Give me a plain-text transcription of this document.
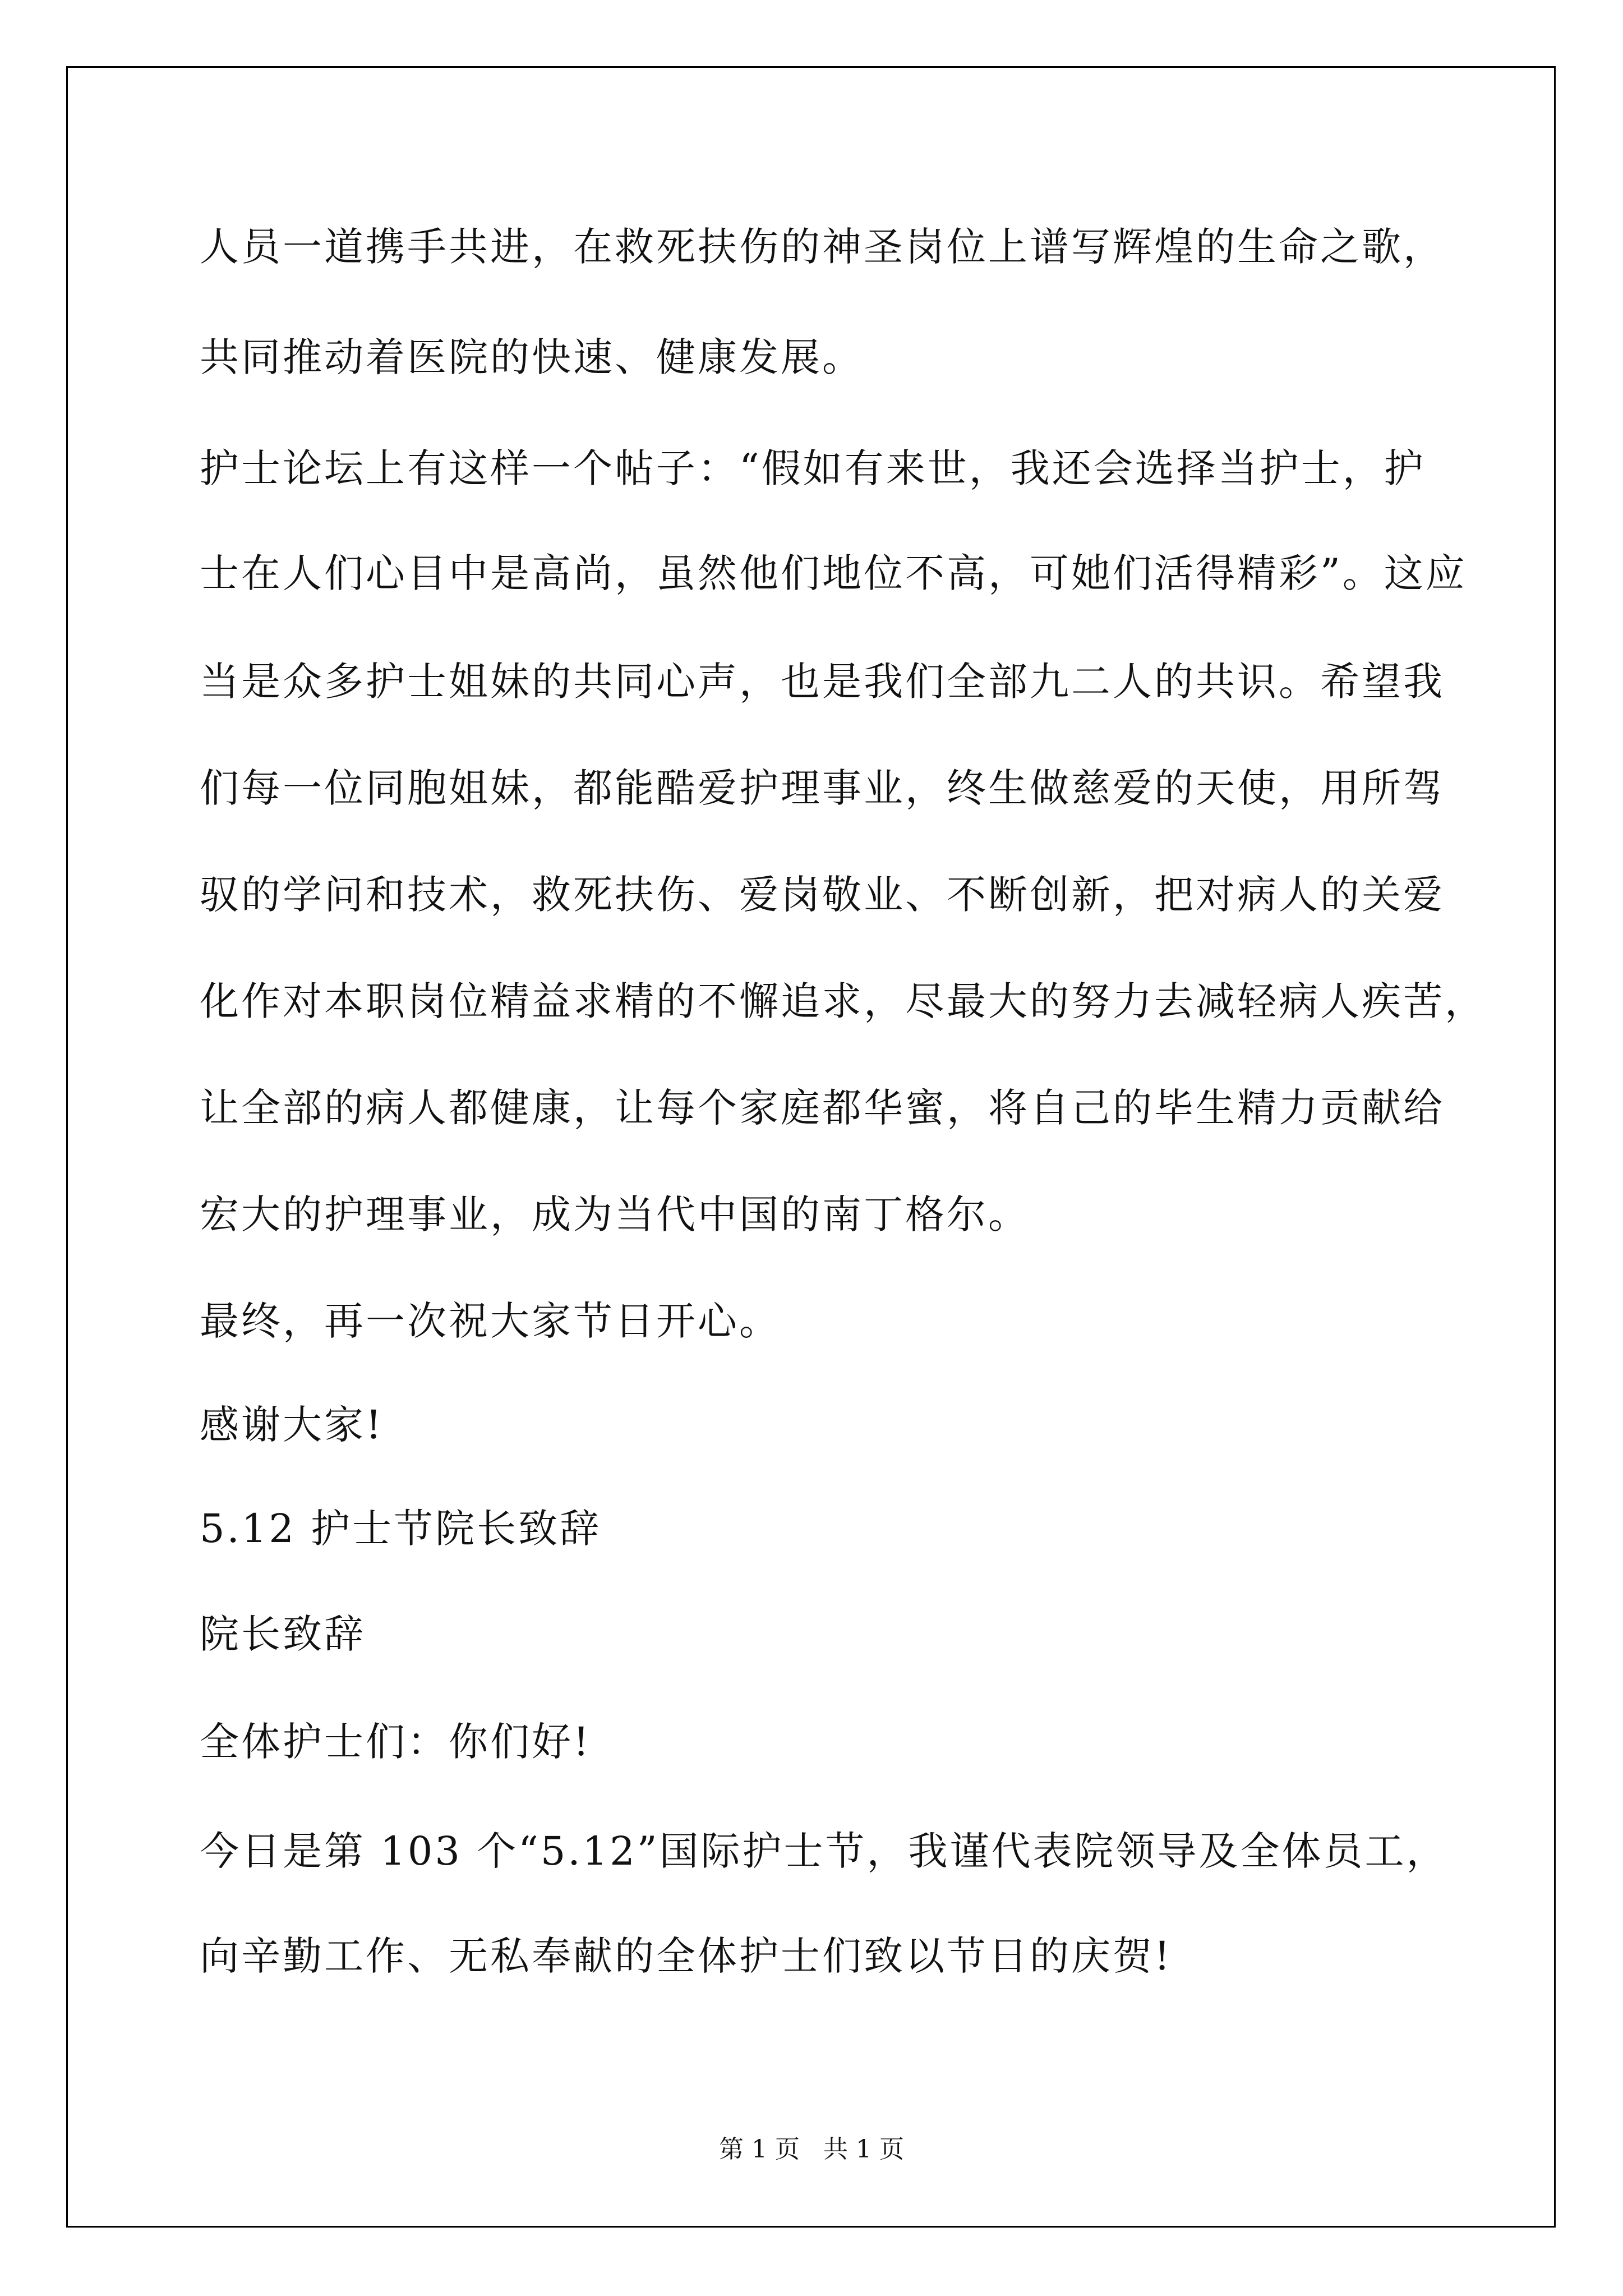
人员一道携手共进，在救死扶伤的神圣岗位上谱写辉煌的生命之歌，

共同推动着医院的快速、健康发展。

护士论坛上有这样一个帖子：“假如有来世，我还会选择当护士，护

士在人们心目中是高尚，虽然他们地位不高，可她们活得精彩”。这应

当是众多护士姐妹的共同心声，也是我们全部九二人的共识。希望我

们每一位同胞姐妹，都能酷爱护理事业，终生做慈爱的天使，用所驾

驭的学问和技术，救死扶伤、爱岗敬业、不断创新，把对病人的关爱

化作对本职岗位精益求精的不懈追求，尽最大的努力去减轻病人疾苦，

让全部的病人都健康，让每个家庭都华蜜，将自己的毕生精力贡献给

宏大的护理事业，成为当代中国的南丁格尔。

最终，再一次祝大家节日开心。

感谢大家!

5.12 护士节院长致辞

院长致辞

全体护士们：你们好!

今日是第 103 个“5.12”国际护士节，我谨代表院领导及全体员工，

向辛勤工作、无私奉献的全体护士们致以节日的庆贺!

第 1 页   共 1 页
